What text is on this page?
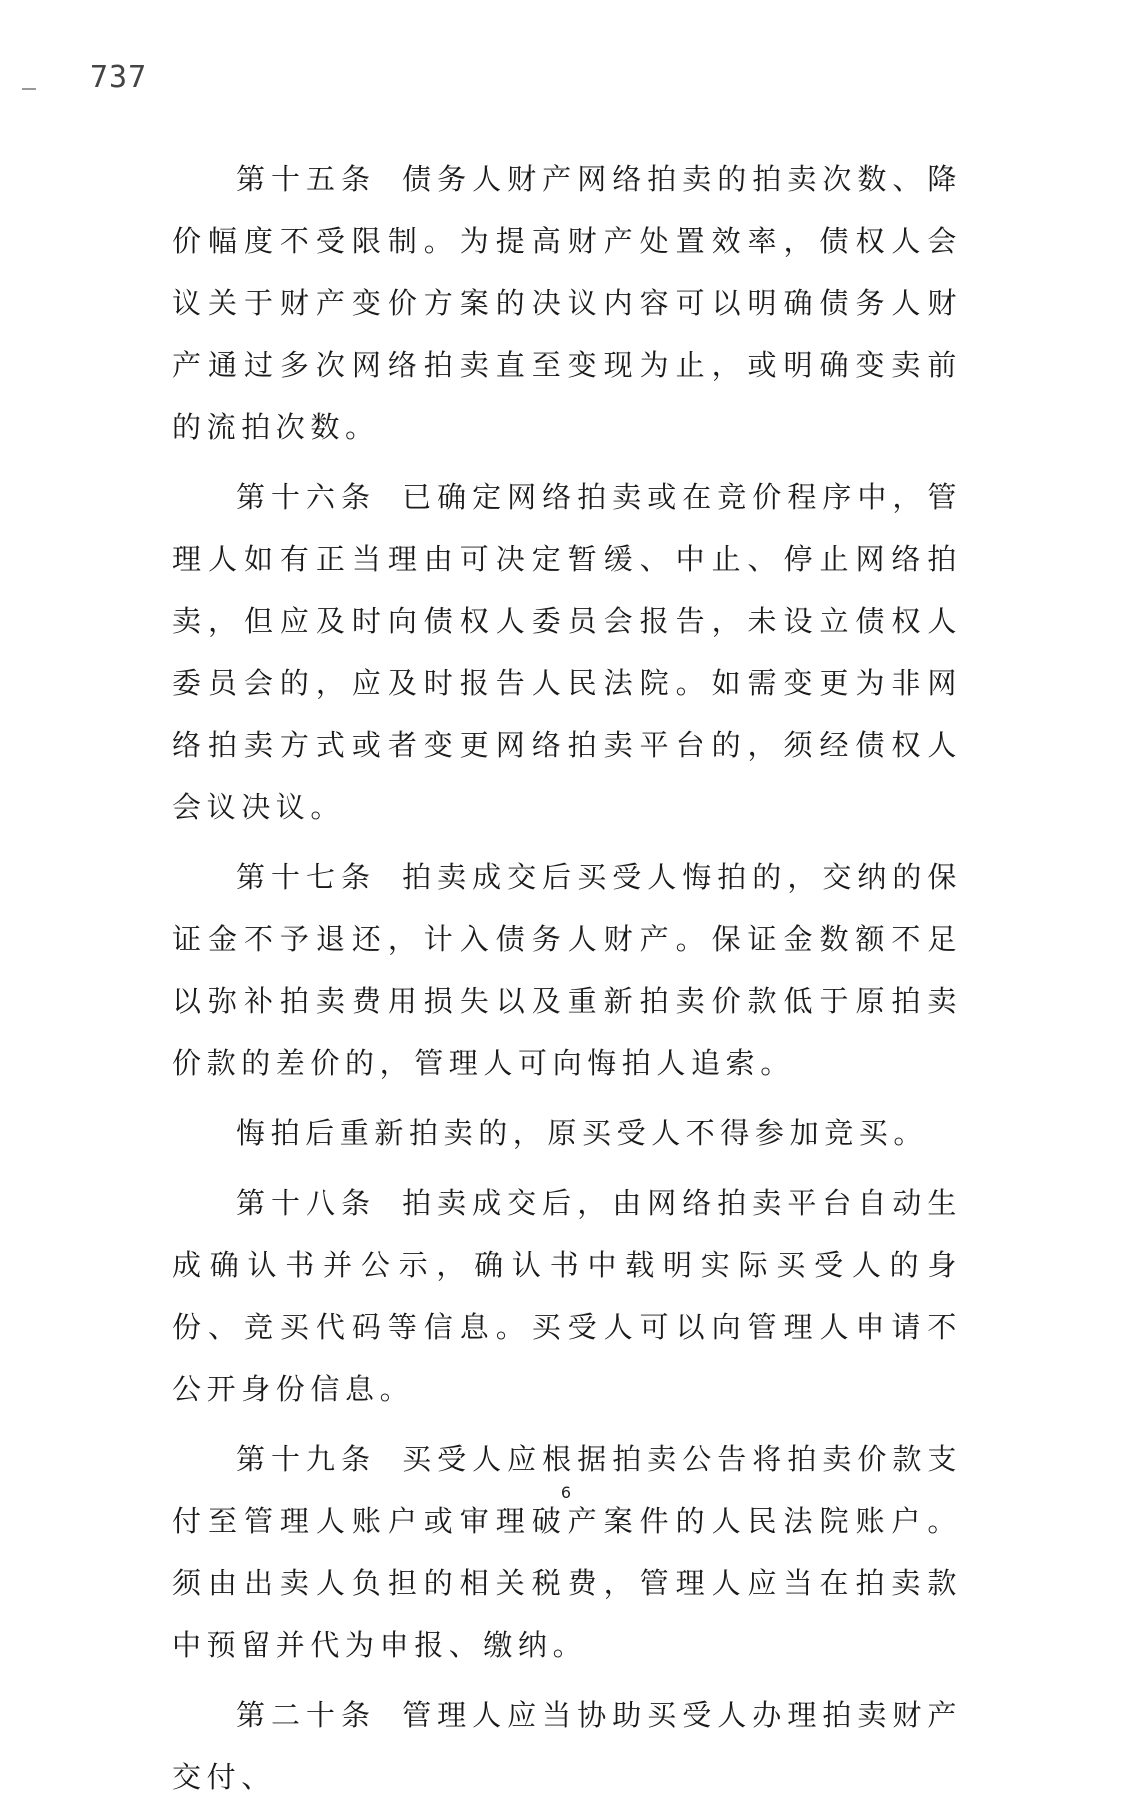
737

第十五条 债务人财产网络拍卖的拍卖次数、降价幅度不受限制。为提高财产处置效率，债权人会议关于财产变价方案的决议内容可以明确债务人财产通过多次网络拍卖直至变现为止，或明确变卖前的流拍次数。

第十六条 已确定网络拍卖或在竞价程序中，管理人如有正当理由可决定暂缓、中止、停止网络拍卖，但应及时向债权人委员会报告，未设立债权人委员会的，应及时报告人民法院。如需变更为非网络拍卖方式或者变更网络拍卖平台的，须经债权人会议决议。

第十七条 拍卖成交后买受人悔拍的，交纳的保证金不予退还，计入债务人财产。保证金数额不足以弥补拍卖费用损失以及重新拍卖价款低于原拍卖价款的差价的，管理人可向悔拍人追索。

悔拍后重新拍卖的，原买受人不得参加竞买。

第十八条 拍卖成交后，由网络拍卖平台自动生成确认书并公示，确认书中载明实际买受人的身份、竞买代码等信息。买受人可以向管理人申请不公开身份信息。

第十九条 买受人应根据拍卖公告将拍卖价款支付至管理人账户或审理破产案件的人民法院账户。须由出卖人负担的相关税费，管理人应当在拍卖款中预留并代为申报、缴纳。

第二十条 管理人应当协助买受人办理拍卖财产交付、

6
